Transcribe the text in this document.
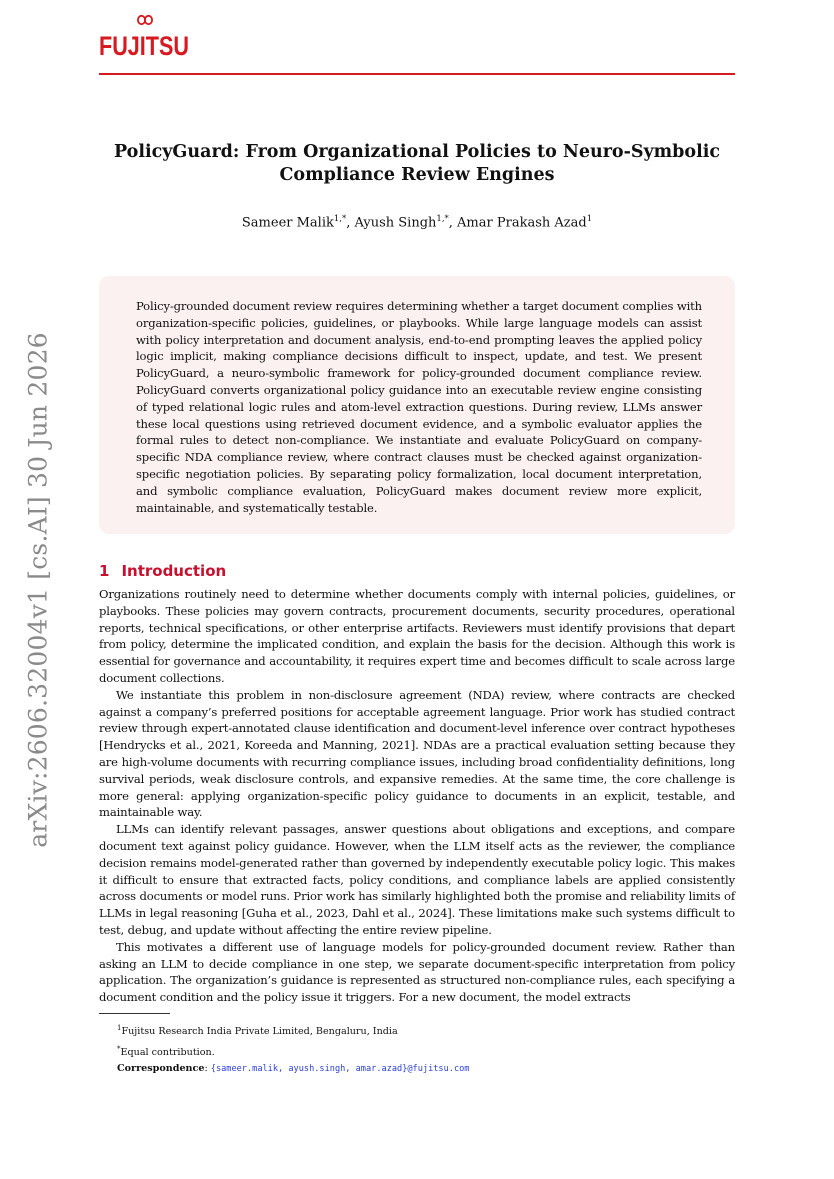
FUJITSU
PolicyGuard: From Organizational Policies to Neuro-Symbolic
Compliance Review Engines
Sameer Malik$^{1,*}$, Ayush Singh$^{1,*}$, Amar Prakash Azad$^1$
Policy-grounded document review requires determining whether a target document complies with organization-specific policies, guidelines, or playbooks. While large language models can assist with policy interpretation and document analysis, end-to-end prompting leaves the applied policy logic implicit, making compliance decisions difficult to inspect, update, and test. We present PolicyGuard, a neuro-symbolic framework for policy-grounded document compliance review. PolicyGuard converts organizational policy guidance into an executable review engine consisting of typed relational logic rules and atom-level extraction questions. During review, LLMs answer these local questions using retrieved document evidence, and a symbolic evaluator applies the formal rules to detect non-compliance. We instantiate and evaluate PolicyGuard on company-specific NDA compliance review, where contract clauses must be checked against organization-specific negotiation policies. By separating policy formalization, local document interpretation, and symbolic compliance evaluation, PolicyGuard makes document review more explicit, maintainable, and systematically testable.
1 Introduction

Organizations routinely need to determine whether documents comply with internal policies, guidelines, or playbooks. These policies may govern contracts, procurement documents, security procedures, operational reports, technical specifications, or other enterprise artifacts. Reviewers must identify provisions that depart from policy, determine the implicated condition, and explain the basis for the decision. Although this work is essential for governance and accountability, it requires expert time and becomes difficult to scale across large document collections.

We instantiate this problem in non-disclosure agreement (NDA) review, where contracts are checked against a company’s preferred positions for acceptable agreement language. Prior work has studied contract review through expert-annotated clause identification and document-level inference over contract hypotheses [Hendrycks et al., 2021, Koreeda and Manning, 2021]. NDAs are a practical evaluation setting because they are high-volume documents with recurring compliance issues, including broad confidentiality definitions, long survival periods, weak disclosure controls, and expansive remedies. At the same time, the core challenge is more general: applying organization-specific policy guidance to documents in an explicit, testable, and maintainable way.

LLMs can identify relevant passages, answer questions about obligations and exceptions, and compare document text against policy guidance. However, when the LLM itself acts as the reviewer, the compliance decision remains model-generated rather than governed by independently executable policy logic. This makes it difficult to ensure that extracted facts, policy conditions, and compliance labels are applied consistently across documents or model runs. Prior work has similarly highlighted both the promise and reliability limits of LLMs in legal reasoning [Guha et al., 2023, Dahl et al., 2024]. These limitations make such systems difficult to test, debug, and update without affecting the entire review pipeline.

This motivates a different use of language models for policy-grounded document review. Rather than asking an LLM to decide compliance in one step, we separate document-specific interpretation from policy application. The organization’s guidance is represented as structured non-compliance rules, each specifying a document condition and the policy issue it triggers. For a new document, the model extracts

arXiv:2606.32004v1 [cs.AI] 30 Jun 2026
$^1$Fujitsu Research India Private Limited, Bengaluru, India
*Equal contribution.
Correspondence: {sameer.malik, ayush.singh, amar.azad}@fujitsu.com
